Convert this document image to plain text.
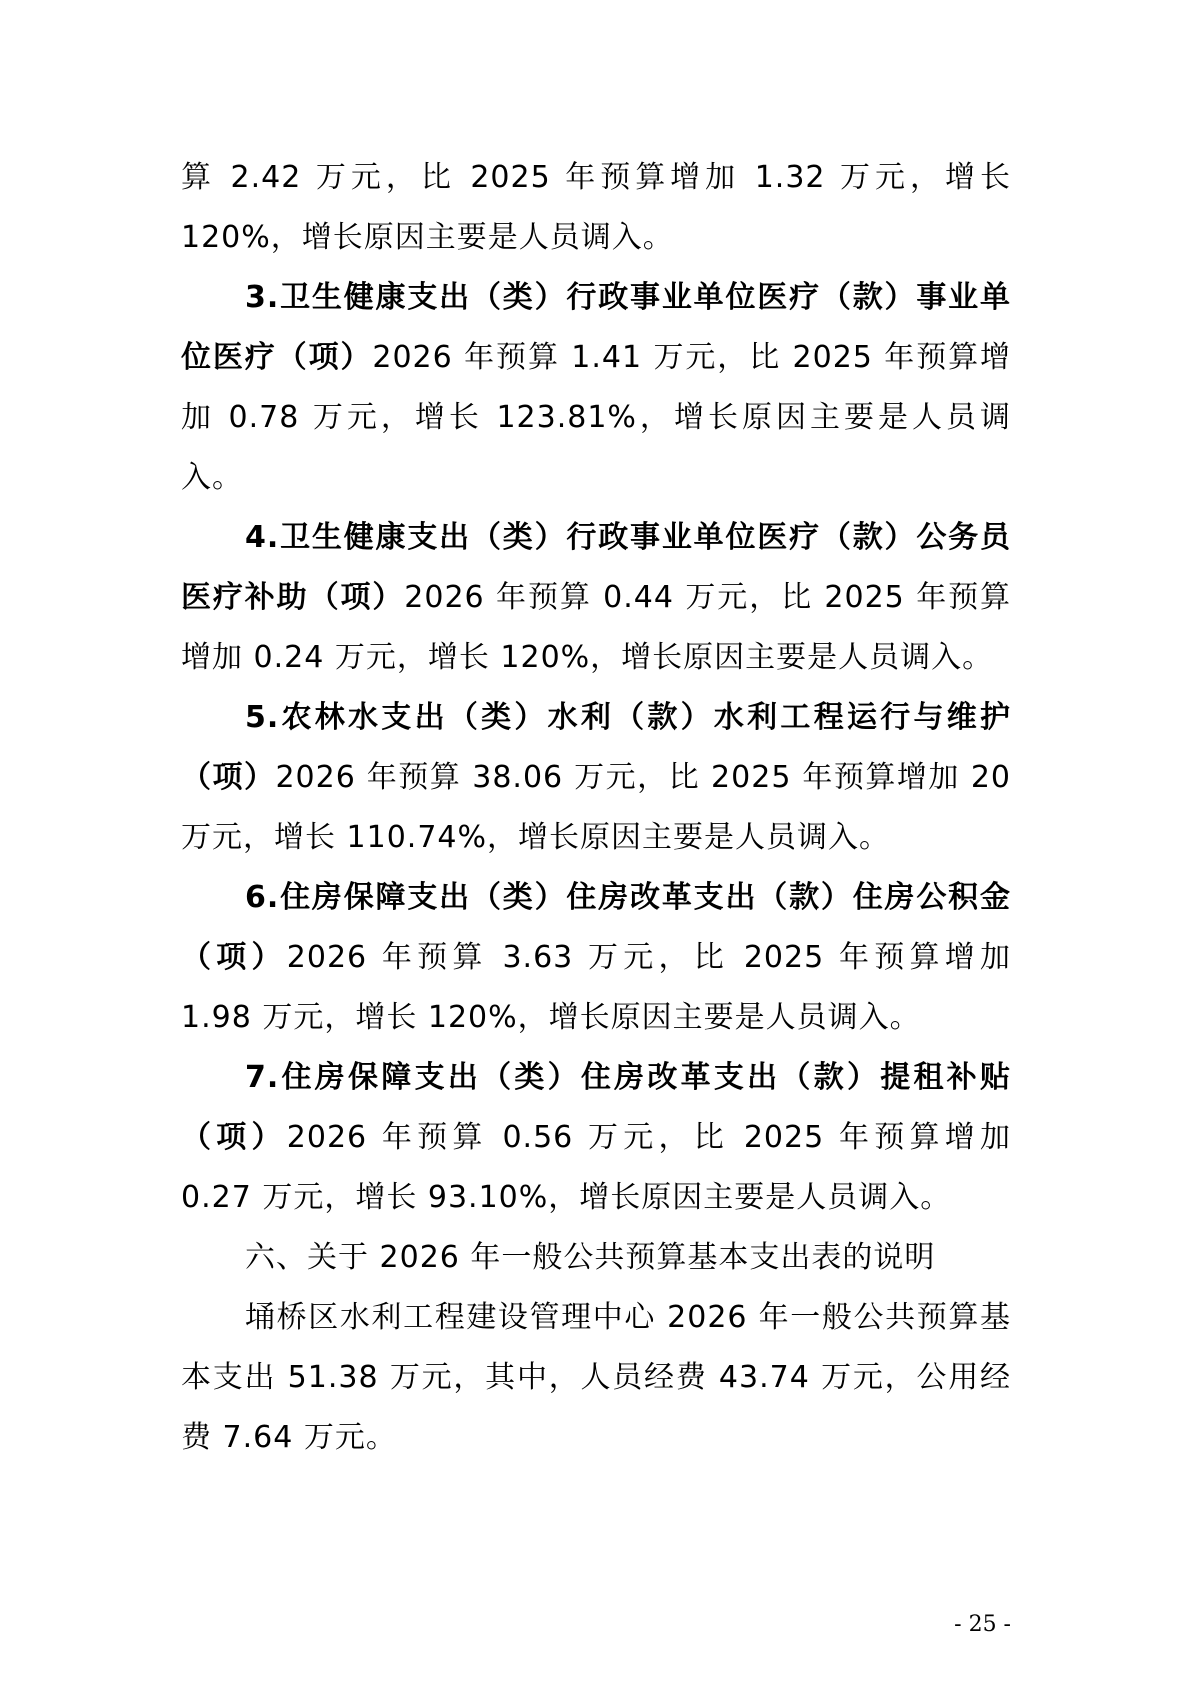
算 2.42 万元，比 2025 年预算增加 1.32 万元，增长 120%，增长原因主要是人员调入。

3.卫生健康支出（类）行政事业单位医疗（款）事业单位医疗（项）2026 年预算 1.41 万元，比 2025 年预算增加 0.78 万元，增长 123.81%，增长原因主要是人员调入。

4.卫生健康支出（类）行政事业单位医疗（款）公务员医疗补助（项）2026 年预算 0.44 万元，比 2025 年预算增加 0.24 万元，增长 120%，增长原因主要是人员调入。

5.农林水支出（类）水利（款）水利工程运行与维护（项）2026 年预算 38.06 万元，比 2025 年预算增加 20 万元，增长 110.74%，增长原因主要是人员调入。

6.住房保障支出（类）住房改革支出（款）住房公积金（项）2026 年预算 3.63 万元，比 2025 年预算增加 1.98 万元，增长 120%，增长原因主要是人员调入。

7.住房保障支出（类）住房改革支出（款）提租补贴（项）2026 年预算 0.56 万元，比 2025 年预算增加 0.27 万元，增长 93.10%，增长原因主要是人员调入。

六、关于 2026 年一般公共预算基本支出表的说明

埇桥区水利工程建设管理中心 2026 年一般公共预算基本支出 51.38 万元，其中，人员经费 43.74 万元，公用经费 7.64 万元。

- 25 -
